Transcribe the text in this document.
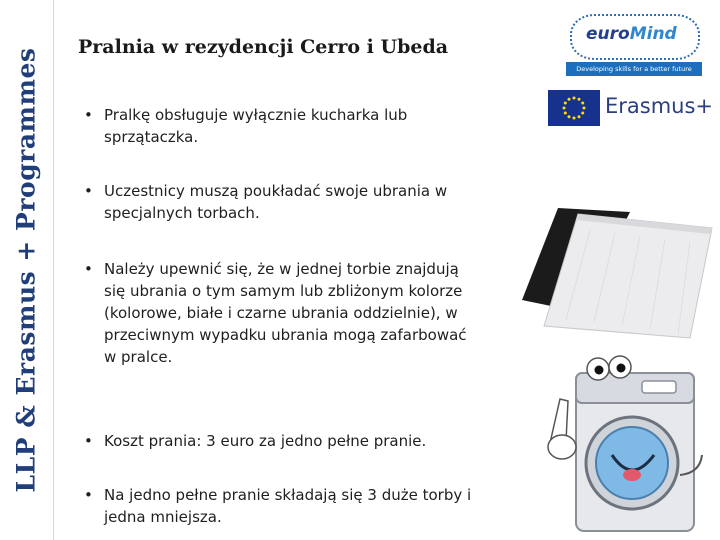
LLP & Erasmus + Programmes
Pralnia w rezydencji Cerro i Ubeda
• Pralkę obsługuje wyłącznie kucharka lub sprzątaczka.
• Uczestnicy muszą poukładać swoje ubrania w specjalnych torbach.
• Należy upewnić się, że w jednej torbie znajdują się ubrania o tym samym lub zbliżonym kolorze (kolorowe, białe i czarne ubrania oddzielnie), w przeciwnym wypadku ubrania mogą zafarbować w pralce.
• Koszt prania: 3 euro za jedno pełne pranie.
• Na jedno pełne pranie składają się 3 duże torby i jedna mniejsza.
euroMind
Developing skills for a better future
Erasmus+
